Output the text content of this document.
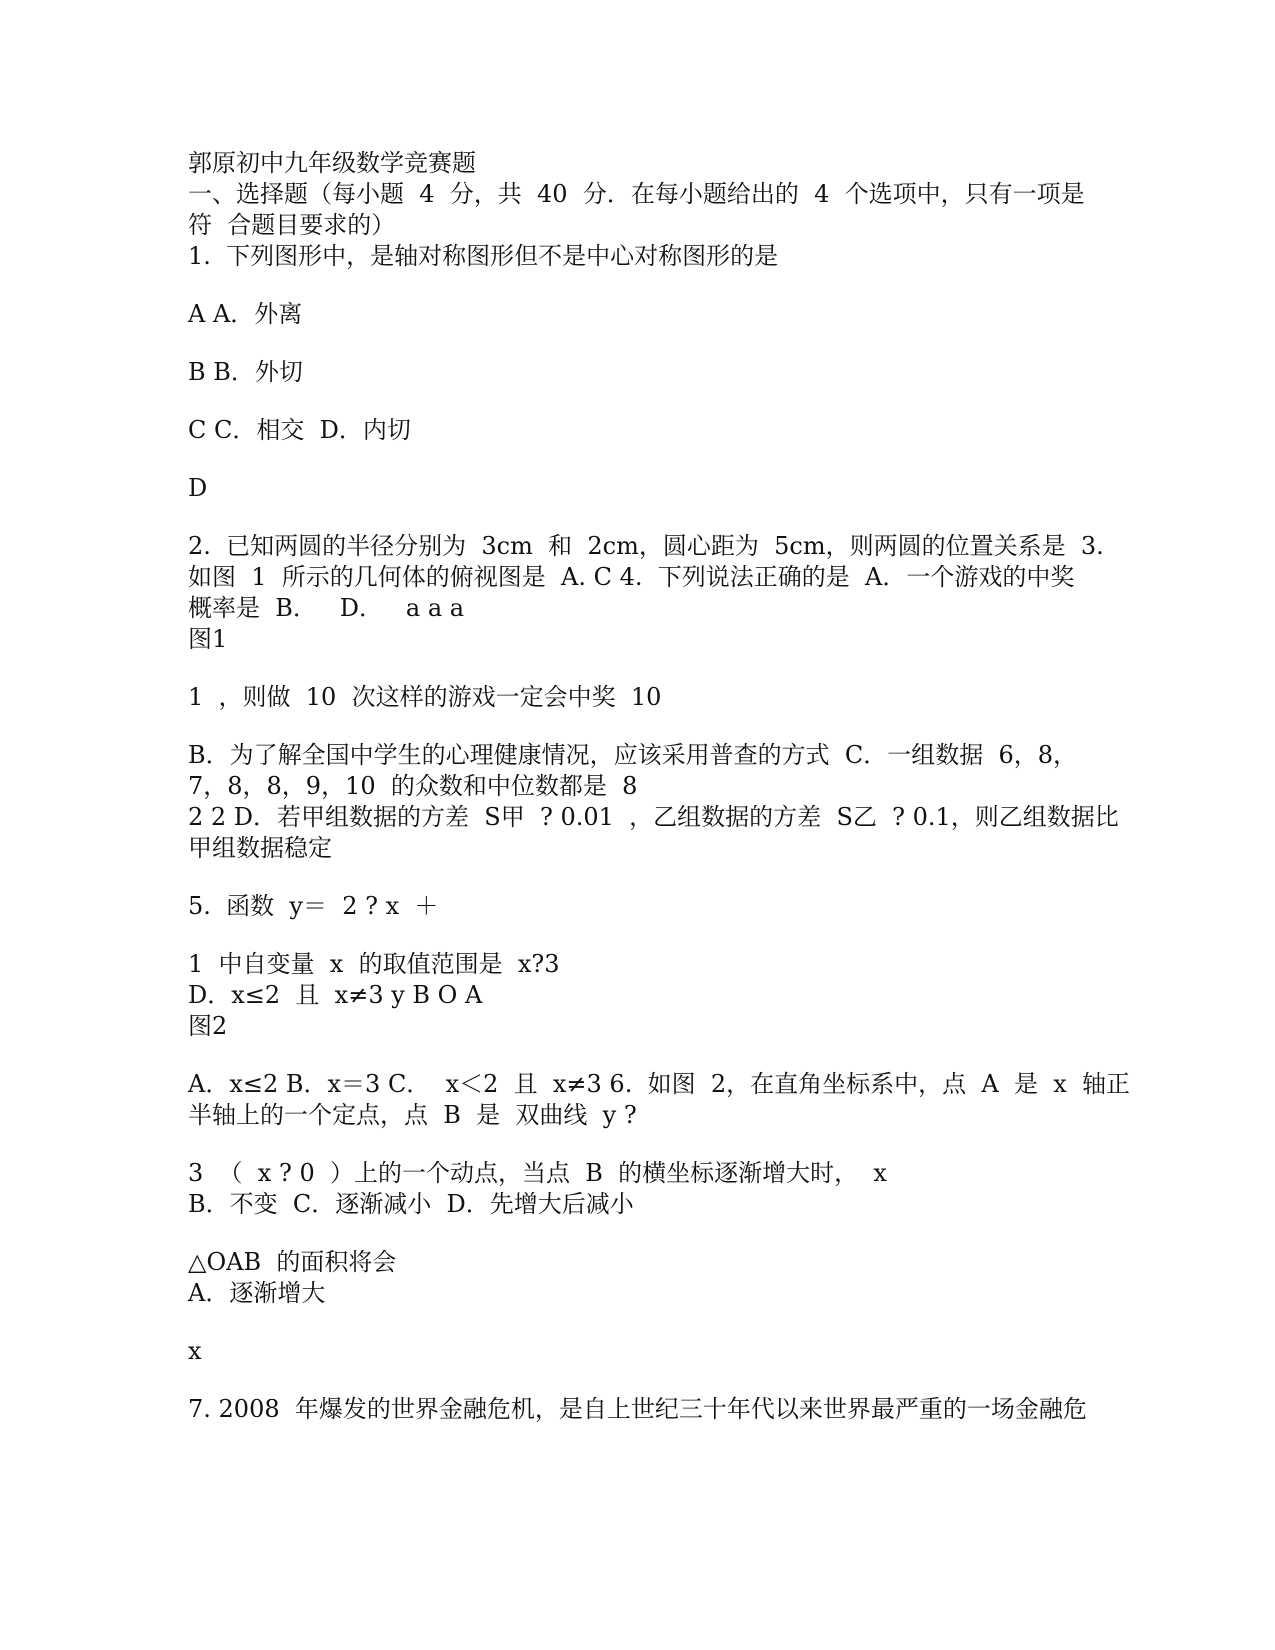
郭原初中九年级数学竞赛题
一、选择题（每小题  4  分，共  40  分．在每小题给出的  4  个选项中，只有一项是
符  合题目要求的）
1.  下列图形中，是轴对称图形但不是中心对称图形的是
A A．外离
B B．外切
C C．相交  D．内切
D
2.  已知两圆的半径分别为  3cm  和  2cm，圆心距为  5cm，则两圆的位置关系是  3.
如图  1  所示的几何体的俯视图是  A. C 4.  下列说法正确的是  A．一个游戏的中奖
概率是  B．   D．   a a a
图1
1  ，则做  10  次这样的游戏一定会中奖  10
B．为了解全国中学生的心理健康情况，应该采用普查的方式  C．一组数据  6，8，
7，8，8，9，10  的众数和中位数都是  8
2 2 D．若甲组数据的方差  S甲  ? 0.01  ，乙组数据的方差  S乙  ? 0.1，则乙组数据比
甲组数据稳定
5.  函数  y＝  2 ? x  ＋
1  中自变量  x  的取值范围是  x?3
D．x≤2  且  x≠3 y B O A
图2
A．x≤2 B．x＝3 C．  x＜2  且  x≠3 6.  如图  2，在直角坐标系中，点  A  是  x  轴正
半轴上的一个定点，点  B  是  双曲线  y ?
3  （  x ? 0  ）上的一个动点，当点  B  的横坐标逐渐增大时，  x
B．不变  C．逐渐减小  D．先增大后减小
△OAB  的面积将会
A．逐渐增大
x
7. 2008  年爆发的世界金融危机，是自上世纪三十年代以来世界最严重的一场金融危
